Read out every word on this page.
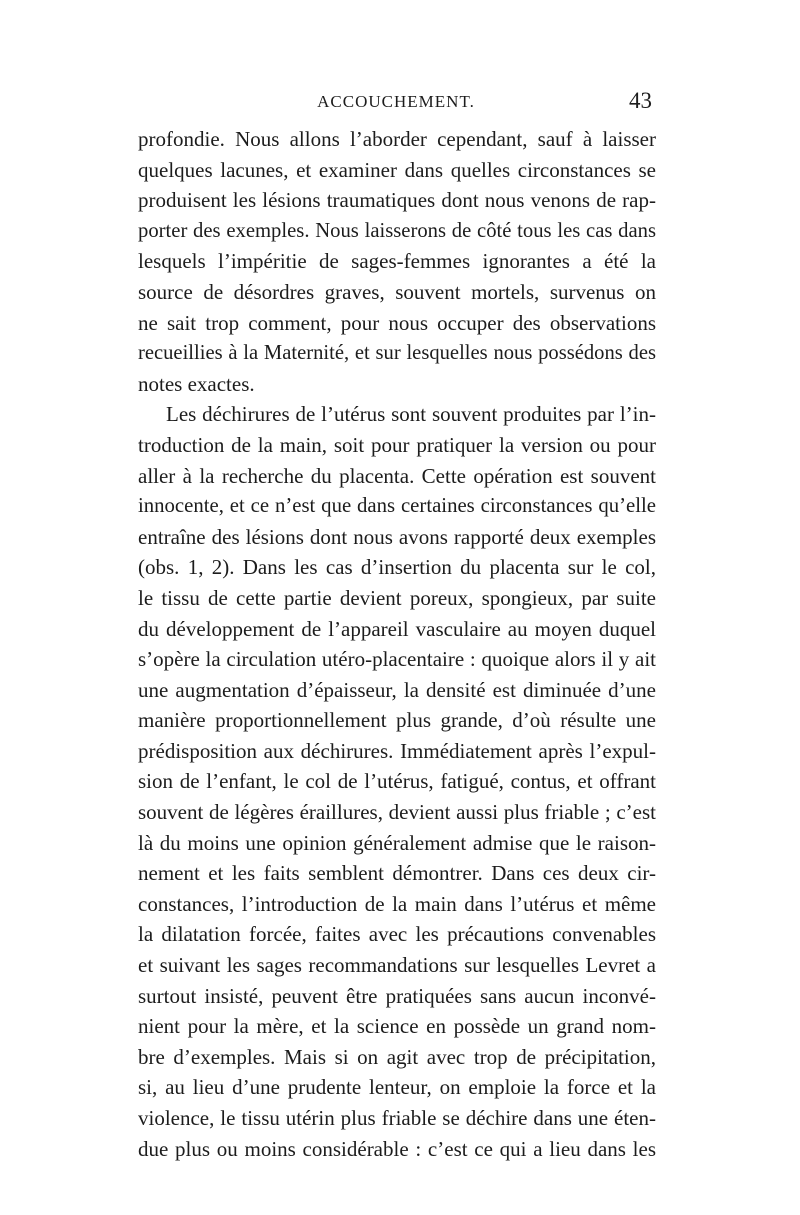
ACCOUCHEMENT.	43
profondie. Nous allons l’aborder cependant, sauf à laisser
quelques lacunes, et examiner dans quelles circonstances se
produisent les lésions traumatiques dont nous venons de rap-
porter des exemples. Nous laisserons de côté tous les cas dans
lesquels l’impéritie de sages-femmes ignorantes a été la
source de désordres graves, souvent mortels, survenus on
ne sait trop comment, pour nous occuper des observations
recueillies à la Maternité, et sur lesquelles nous possédons des
notes exactes.
Les déchirures de l’utérus sont souvent produites par l’in-
troduction de la main, soit pour pratiquer la version ou pour
aller à la recherche du placenta. Cette opération est souvent
innocente, et ce n’est que dans certaines circonstances qu’elle
entraîne des lésions dont nous avons rapporté deux exemples
(obs. 1, 2). Dans les cas d’insertion du placenta sur le col,
le tissu de cette partie devient poreux, spongieux, par suite
du développement de l’appareil vasculaire au moyen duquel
s’opère la circulation utéro-placentaire : quoique alors il y ait
une augmentation d’épaisseur, la densité est diminuée d’une
manière proportionnellement plus grande, d’où résulte une
prédisposition aux déchirures. Immédiatement après l’expul-
sion de l’enfant, le col de l’utérus, fatigué, contus, et offrant
souvent de légères éraillures, devient aussi plus friable ; c’est
là du moins une opinion généralement admise que le raison-
nement et les faits semblent démontrer. Dans ces deux cir-
constances, l’introduction de la main dans l’utérus et même
la dilatation forcée, faites avec les précautions convenables
et suivant les sages recommandations sur lesquelles Levret a
surtout insisté, peuvent être pratiquées sans aucun inconvé-
nient pour la mère, et la science en possède un grand nom-
bre d’exemples. Mais si on agit avec trop de précipitation,
si, au lieu d’une prudente lenteur, on emploie la force et la
violence, le tissu utérin plus friable se déchire dans une éten-
due plus ou moins considérable : c’est ce qui a lieu dans les
